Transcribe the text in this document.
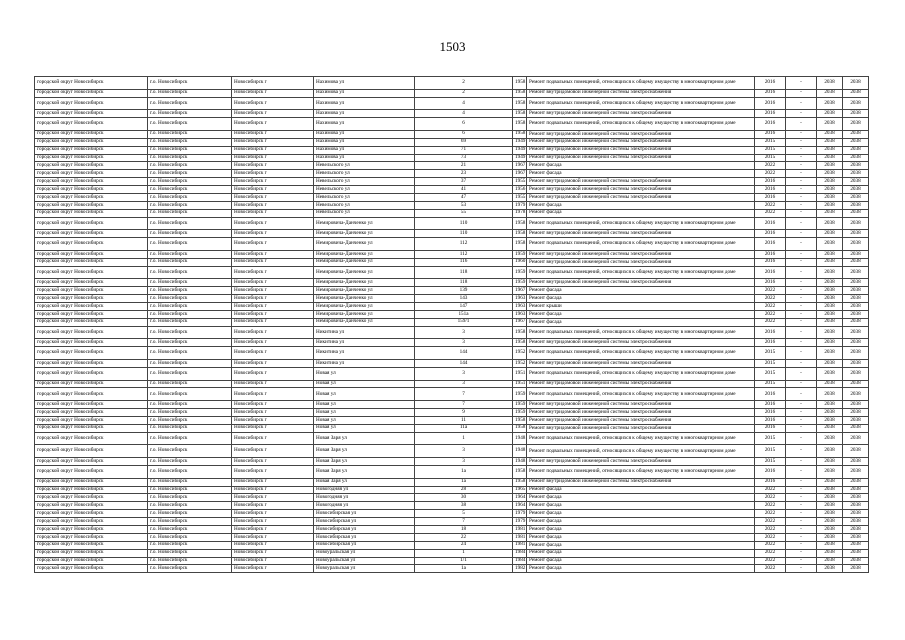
1503
городской округ Новосибирск	г.о. Новосибирск	Новосибирск г	Нахимова ул	2	1958	Ремонт подвальных помещений, относящихся к общему имуществу в многоквартирном доме	2016	-	2038	2038
городской округ Новосибирск	г.о. Новосибирск	Новосибирск г	Нахимова ул	2	1958	Ремонт внутридомовой инженерной системы электроснабжения	2016	-	2038	2038
городской округ Новосибирск	г.о. Новосибирск	Новосибирск г	Нахимова ул	4	1958	Ремонт подвальных помещений, относящихся к общему имуществу в многоквартирном доме	2016	-	2038	2038
городской округ Новосибирск	г.о. Новосибирск	Новосибирск г	Нахимова ул	4	1958	Ремонт внутридомовой инженерной системы электроснабжения	2016	-	2038	2038
городской округ Новосибирск	г.о. Новосибирск	Новосибирск г	Нахимова ул	6	1958	Ремонт подвальных помещений, относящихся к общему имуществу в многоквартирном доме	2016	-	2038	2038
городской округ Новосибирск	г.о. Новосибирск	Новосибирск г	Нахимова ул	6	1958	Ремонт внутридомовой инженерной системы электроснабжения	2016	-	2038	2038
городской округ Новосибирск	г.о. Новосибирск	Новосибирск г	Нахимова ул	69	1949	Ремонт внутридомовой инженерной системы электроснабжения	2015	-	2038	2038
городской округ Новосибирск	г.о. Новосибирск	Новосибирск г	Нахимова ул	71	1949	Ремонт внутридомовой инженерной системы электроснабжения	2015	-	2038	2038
городской округ Новосибирск	г.о. Новосибирск	Новосибирск г	Нахимова ул	73	1949	Ремонт внутридомовой инженерной системы электроснабжения	2015	-	2038	2038
городской округ Новосибирск	г.о. Новосибирск	Новосибирск г	Невельского ул	21	1967	Ремонт фасада	2022	-	2038	2038
городской округ Новосибирск	г.о. Новосибирск	Новосибирск г	Невельского ул	23	1967	Ремонт фасада	2022	-	2038	2038
городской округ Новосибирск	г.о. Новосибирск	Новосибирск г	Невельского ул	37	1955	Ремонт внутридомовой инженерной системы электроснабжения	2016	-	2038	2038
городской округ Новосибирск	г.о. Новосибирск	Новосибирск г	Невельского ул	41	1956	Ремонт внутридомовой инженерной системы электроснабжения	2016	-	2038	2038
городской округ Новосибирск	г.о. Новосибирск	Новосибирск г	Невельского ул	47	1955	Ремонт внутридомовой инженерной системы электроснабжения	2016	-	2038	2038
городской округ Новосибирск	г.о. Новосибирск	Новосибирск г	Невельского ул	53	1979	Ремонт фасада	2022	-	2038	2038
городской округ Новосибирск	г.о. Новосибирск	Новосибирск г	Невельского ул	55	1978	Ремонт фасада	2022	-	2038	2038
городской округ Новосибирск	г.о. Новосибирск	Новосибирск г	Немировича-Данченко ул	110	1958	Ремонт подвальных помещений, относящихся к общему имуществу в многоквартирном доме	2016	-	2038	2038
городской округ Новосибирск	г.о. Новосибирск	Новосибирск г	Немировича-Данченко ул	110	1958	Ремонт внутридомовой инженерной системы электроснабжения	2016	-	2038	2038
городской округ Новосибирск	г.о. Новосибирск	Новосибирск г	Немировича-Данченко ул	112	1958	Ремонт подвальных помещений, относящихся к общему имуществу в многоквартирном доме	2016	-	2038	2038
городской округ Новосибирск	г.о. Новосибирск	Новосибирск г	Немировича-Данченко ул	112	1959	Ремонт внутридомовой инженерной системы электроснабжения	2016	-	2038	2038
городской округ Новосибирск	г.о. Новосибирск	Новосибирск г	Немировича-Данченко ул	116	1960	Ремонт внутридомовой инженерной системы электроснабжения	2016	-	2038	2038
городской округ Новосибирск	г.о. Новосибирск	Новосибирск г	Немировича-Данченко ул	118	1959	Ремонт подвальных помещений, относящихся к общему имуществу в многоквартирном доме	2016	-	2038	2038
городской округ Новосибирск	г.о. Новосибирск	Новосибирск г	Немировича-Данченко ул	118	1959	Ремонт внутридомовой инженерной системы электроснабжения	2016	-	2038	2038
городской округ Новосибирск	г.о. Новосибирск	Новосибирск г	Немировича-Данченко ул	139	1967	Ремонт фасада	2022	-	2038	2038
городской округ Новосибирск	г.о. Новосибирск	Новосибирск г	Немировича-Данченко ул	143	1963	Ремонт фасада	2022	-	2038	2038
городской округ Новосибирск	г.о. Новосибирск	Новосибирск г	Немировича-Данченко ул	147	1963	Ремонт крыши	2022	-	2038	2038
городской округ Новосибирск	г.о. Новосибирск	Новосибирск г	Немировича-Данченко ул	151а	1963	Ремонт фасада	2022	-	2038	2038
городской округ Новосибирск	г.о. Новосибирск	Новосибирск г	Немировича-Данченко ул	159/1	1967	Ремонт фасада	2022	-	2038	2038
городской округ Новосибирск	г.о. Новосибирск	Новосибирск г	Никитина ул	3	1958	Ремонт подвальных помещений, относящихся к общему имуществу в многоквартирном доме	2016	-	2038	2038
городской округ Новосибирск	г.о. Новосибирск	Новосибирск г	Никитина ул	3	1958	Ремонт внутридомовой инженерной системы электроснабжения	2016	-	2038	2038
городской округ Новосибирск	г.о. Новосибирск	Новосибирск г	Никитина ул	144	1952	Ремонт подвальных помещений, относящихся к общему имуществу в многоквартирном доме	2015	-	2038	2038
городской округ Новосибирск	г.о. Новосибирск	Новосибирск г	Никитина ул	144	1952	Ремонт внутридомовой инженерной системы электроснабжения	2015	-	2038	2038
городской округ Новосибирск	г.о. Новосибирск	Новосибирск г	Новая ул	3	1951	Ремонт подвальных помещений, относящихся к общему имуществу в многоквартирном доме	2015	-	2038	2038
городской округ Новосибирск	г.о. Новосибирск	Новосибирск г	Новая ул	3	1951	Ремонт внутридомовой инженерной системы электроснабжения	2015	-	2038	2038
городской округ Новосибирск	г.о. Новосибирск	Новосибирск г	Новая ул	7	1959	Ремонт подвальных помещений, относящихся к общему имуществу в многоквартирном доме	2016	-	2038	2038
городской округ Новосибирск	г.о. Новосибирск	Новосибирск г	Новая ул	7	1959	Ремонт внутридомовой инженерной системы электроснабжения	2016	-	2038	2038
городской округ Новосибирск	г.о. Новосибирск	Новосибирск г	Новая ул	9	1959	Ремонт внутридомовой инженерной системы электроснабжения	2016	-	2038	2038
городской округ Новосибирск	г.о. Новосибирск	Новосибирск г	Новая ул	11	1958	Ремонт внутридомовой инженерной системы электроснабжения	2016	-	2038	2038
городской округ Новосибирск	г.о. Новосибирск	Новосибирск г	Новая ул	11а	1958	Ремонт внутридомовой инженерной системы электроснабжения	2016	-	2038	2038
городской округ Новосибирск	г.о. Новосибирск	Новосибирск г	Новая Заря ул	1	1948	Ремонт подвальных помещений, относящихся к общему имуществу в многоквартирном доме	2015	-	2038	2038
городской округ Новосибирск	г.о. Новосибирск	Новосибирск г	Новая Заря ул	3	1948	Ремонт подвальных помещений, относящихся к общему имуществу в многоквартирном доме	2015	-	2038	2038
городской округ Новосибирск	г.о. Новосибирск	Новосибирск г	Новая Заря ул	3	1948	Ремонт внутридомовой инженерной системы электроснабжения	2015	-	2038	2038
городской округ Новосибирск	г.о. Новосибирск	Новосибирск г	Новая Заря ул	1а	1958	Ремонт подвальных помещений, относящихся к общему имуществу в многоквартирном доме	2016	-	2038	2038
городской округ Новосибирск	г.о. Новосибирск	Новосибирск г	Новая Заря ул	1а	1958	Ремонт внутридомовой инженерной системы электроснабжения	2016	-	2038	2038
городской округ Новосибирск	г.о. Новосибирск	Новосибирск г	Новогодняя ул	28	1965	Ремонт фасада	2022	-	2038	2038
городской округ Новосибирск	г.о. Новосибирск	Новосибирск г	Новогодняя ул	30	1964	Ремонт фасада	2022	-	2038	2038
городской округ Новосибирск	г.о. Новосибирск	Новосибирск г	Новогодняя ул	38	1964	Ремонт фасада	2022	-	2038	2038
городской округ Новосибирск	г.о. Новосибирск	Новосибирск г	Новосибирская ул	5	1979	Ремонт фасада	2022	-	2038	2038
городской округ Новосибирск	г.о. Новосибирск	Новосибирск г	Новосибирская ул	7	1979	Ремонт фасада	2022	-	2038	2038
городской округ Новосибирск	г.о. Новосибирск	Новосибирск г	Новосибирская ул	18	1981	Ремонт фасада	2022	-	2038	2038
городской округ Новосибирск	г.о. Новосибирск	Новосибирск г	Новосибирская ул	22	1981	Ремонт фасада	2022	-	2038	2038
городской округ Новосибирск	г.о. Новосибирск	Новосибирск г	Новосибирская ул	24	1981	Ремонт фасада	2022	-	2038	2038
городской округ Новосибирск	г.о. Новосибирск	Новосибирск г	Новоуральская ул	1	1984	Ремонт фасада	2022	-	2038	2038
городской округ Новосибирск	г.о. Новосибирск	Новосибирск г	Новоуральская ул	1/1	1984	Ремонт фасада	2022	-	2038	2038
городской округ Новосибирск	г.о. Новосибирск	Новосибирск г	Новоуральская ул	1а	1982	Ремонт фасада	2022	-	2038	2038
